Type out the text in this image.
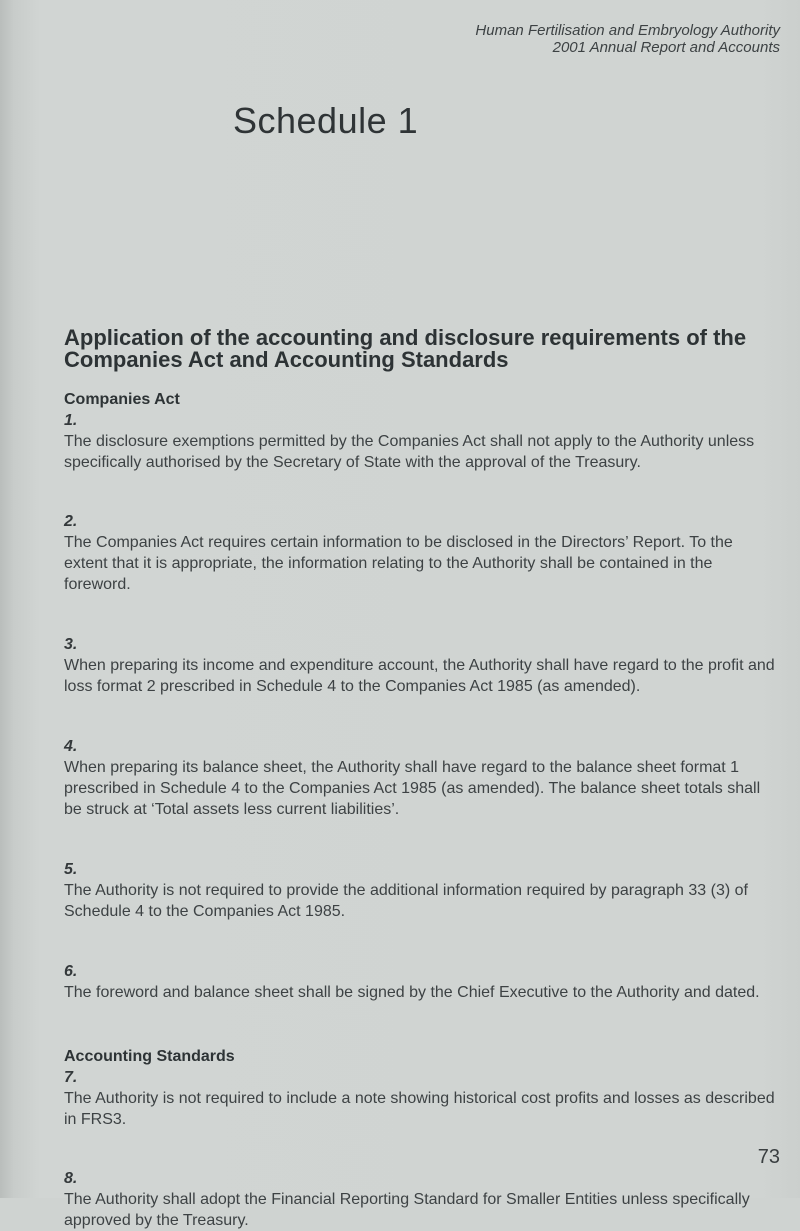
Human Fertilisation and Embryology Authority
2001 Annual Report and Accounts
Schedule 1
Application of the accounting and disclosure requirements of the Companies Act and Accounting Standards
Companies Act

1.

The disclosure exemptions permitted by the Companies Act shall not apply to the Authority unless specifically authorised by the Secretary of State with the approval of the Treasury.

2.

The Companies Act requires certain information to be disclosed in the Directors’ Report. To the extent that it is appropriate, the information relating to the Authority shall be contained in the foreword.

3.

When preparing its income and expenditure account, the Authority shall have regard to the profit and loss format 2 prescribed in Schedule 4 to the Companies Act 1985 (as amended).

4.

When preparing its balance sheet, the Authority shall have regard to the balance sheet format 1 prescribed in Schedule 4 to the Companies Act 1985 (as amended). The balance sheet totals shall be struck at ‘Total assets less current liabilities’.

5.

The Authority is not required to provide the additional information required by paragraph 33 (3) of Schedule 4 to the Companies Act 1985.

6.

The foreword and balance sheet shall be signed by the Chief Executive to the Authority and dated.

Accounting Standards

7.

The Authority is not required to include a note showing historical cost profits and losses as described in FRS3.

8.

The Authority shall adopt the Financial Reporting Standard for Smaller Entities unless specifically approved by the Treasury.

73
